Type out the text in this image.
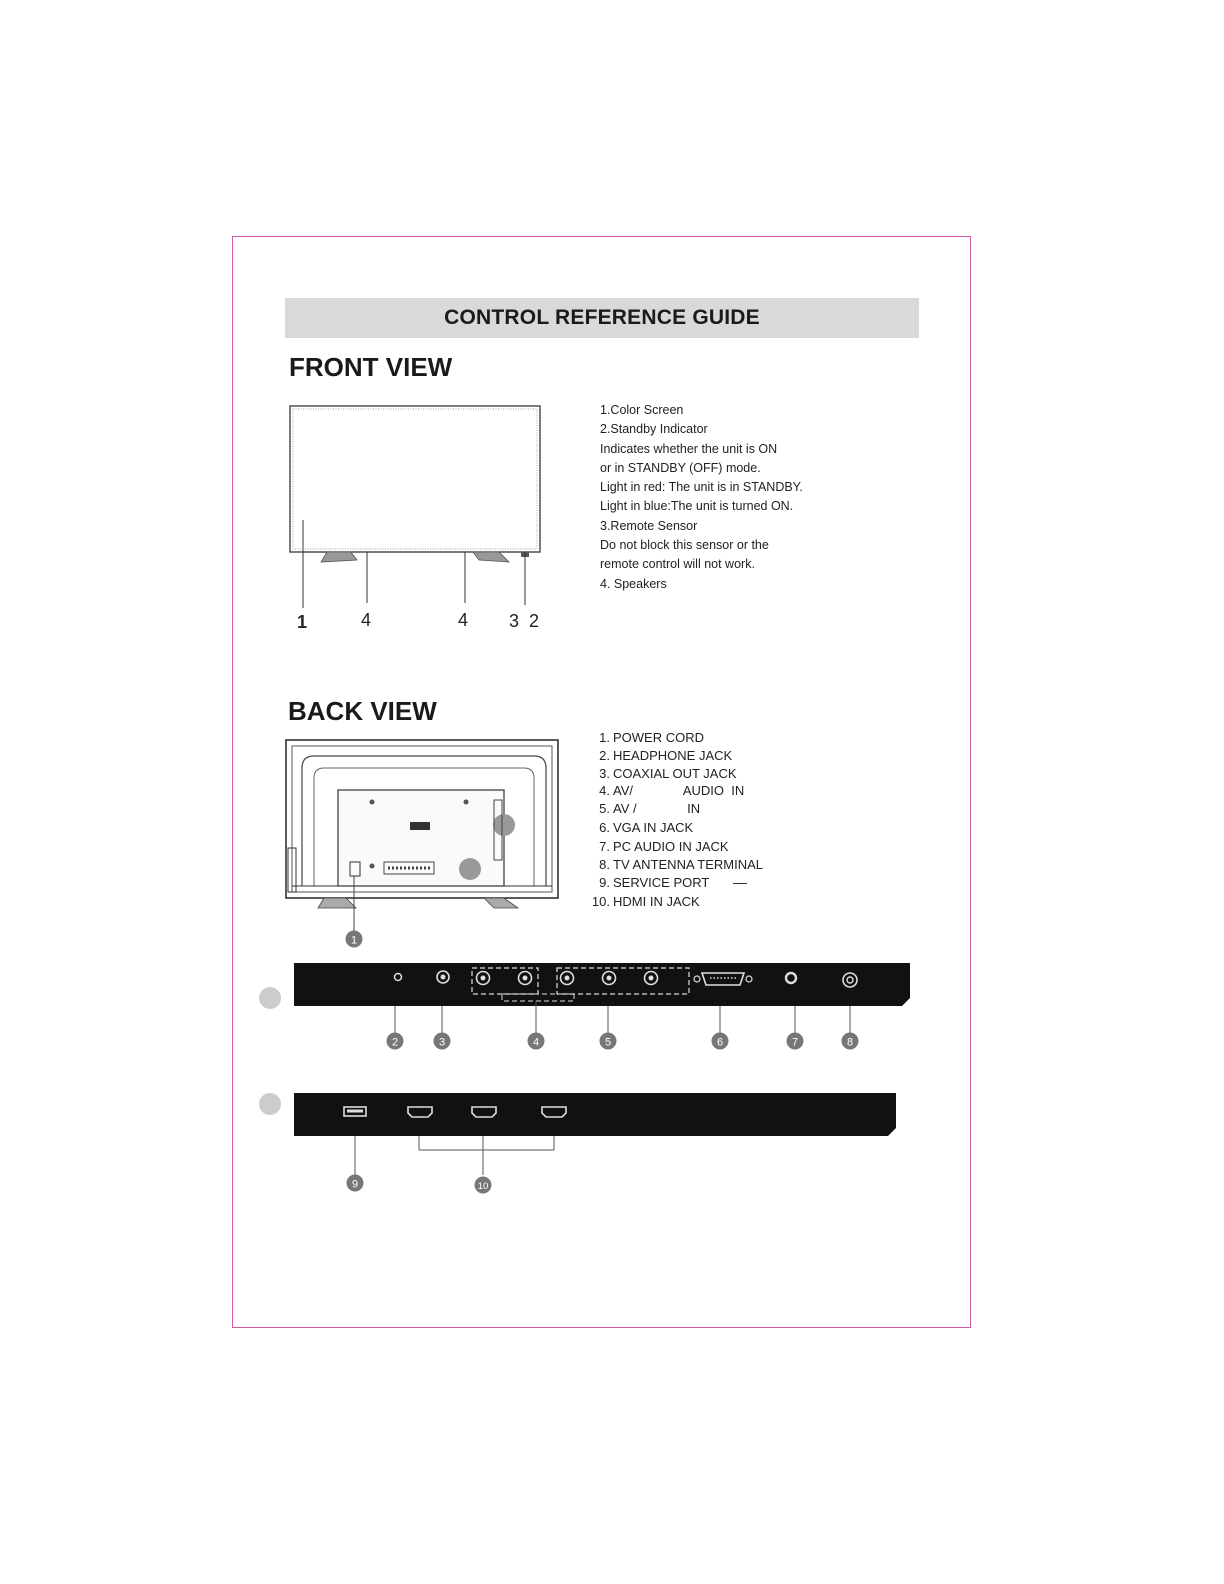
CONTROL REFERENCE GUIDE
FRONT VIEW
1	4	4 3 2
1.Color Screen
2.Standby Indicator
Indicates whether the unit is ON
or in STANDBY (OFF) mode.
Light in red: The unit is in STANDBY.
Light in blue:The unit is turned ON.
3.Remote Sensor
Do not block this sensor or the
remote control will not work.
4. Speakers
BACK VIEW
1
1. POWER CORD
2. HEADPHONE JACK
3. COAXIAL OUT JACK
4. AV/              AUDIO  IN
5. AV /              IN
6. VGA IN JACK
7. PC AUDIO IN JACK
8. TV ANTENNA TERMINAL
9. SERVICE PORT
10. HDMI IN JACK
2	3	4	5	6	7	8
9	10
